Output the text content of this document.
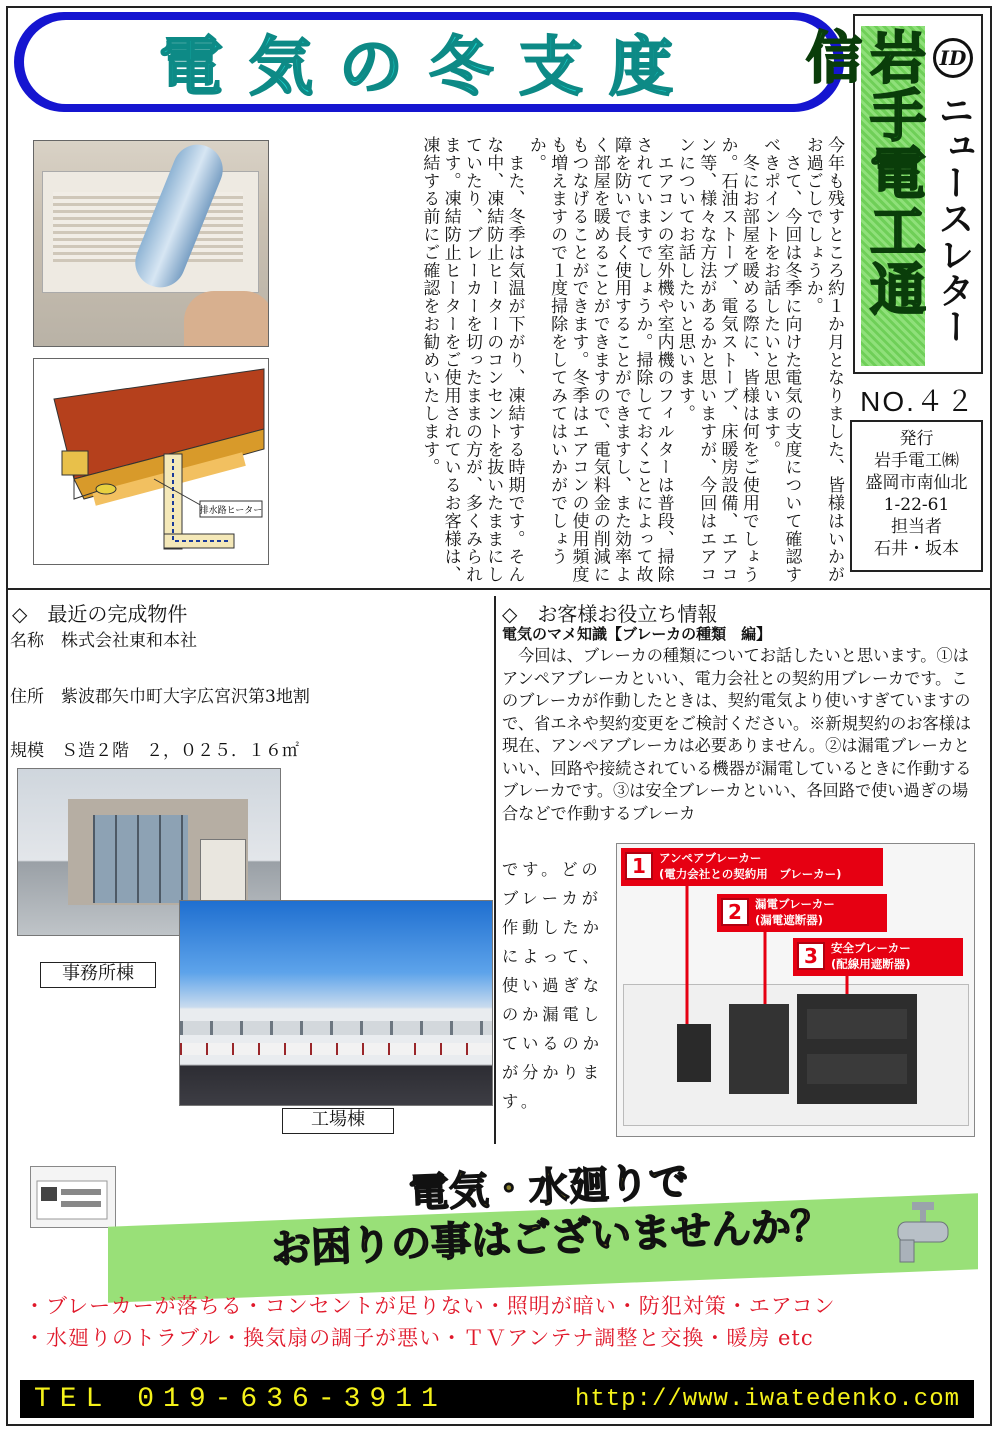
電気の冬支度	岩手電工通信	ID
ニュースレター
NO.４２
発行
岩手電工㈱
盛岡市南仙北
1-22-61
担当者
石井・坂本
排水路ヒーター	今年も残すところ約１か月となりました、皆様はいかがお過ごしでしょうか。
　さて、今回は冬季に向けた電気の支度について確認すべきポイントをお話したいと思います。
　冬にお部屋を暖める際に、皆様は何をご使用でしょうか。石油ストーブ、電気ストーブ、床暖房設備、エアコン等、様々な方法があるかと思いますが、今回はエアコンについてお話したいと思います。
　エアコンの室外機や室内機のフィルターは普段、掃除されていますでしょうか。掃除しておくことによって故障を防いで長く使用することができますし、また効率よく部屋を暖めることができますので、電気料金の削減にもつなげることができます。冬季はエアコンの使用頻度も増えますので１度掃除をしてみてはいかがでしょうか。
　また、冬季は気温が下がり、凍結する時期です。そんな中、凍結防止ヒーターのコンセントを抜いたままにしていたり、ブレーカーを切ったままの方が、多くみられます。凍結防止ヒーターをご使用されているお客様は、凍結する前にご確認をお勧めいたします。
◇　最近の完成物件
名称　株式会社東和本社
住所　紫波郡矢巾町大字広宮沢第3地割
規模　Ｓ造２階　２，０２５．１６㎡
事務所棟
工場棟
◇　お客様お役立ち情報
電気のマメ知識【ブレーカの種類　編】

　今回は、ブレーカの種類についてお話したいと思います。①はアンペアブレーカといい、電力会社との契約用ブレーカです。このブレーカが作動したときは、契約電気より使いすぎていますので、省エネや契約変更をご検討ください。※新規契約のお客様は現在、アンペアブレーカは必要ありません。②は漏電ブレーカといい、回路や接続されている機器が漏電しているときに作動するブレーカです。③は安全ブレーカといい、各回路で使い過ぎの場合などで作動するブレーカ

です。どのブレーカが作動したかによって、使い過ぎなのか漏電しているのかが分かります。
1	アンペアブレーカー
(電力会社との契約用　ブレーカー)
2	漏電ブレーカー
(漏電遮断器)
3	安全ブレーカー
(配線用遮断器)
電気・水廻りで
お困りの事はございませんか？
・ブレーカーが落ちる・コンセントが足りない・照明が暗い・防犯対策・エアコン
・水廻りのトラブル・換気扇の調子が悪い・ＴＶアンテナ調整と交換・暖房 etc
TEL 019-636-3911	http://www.iwatedenko.com
